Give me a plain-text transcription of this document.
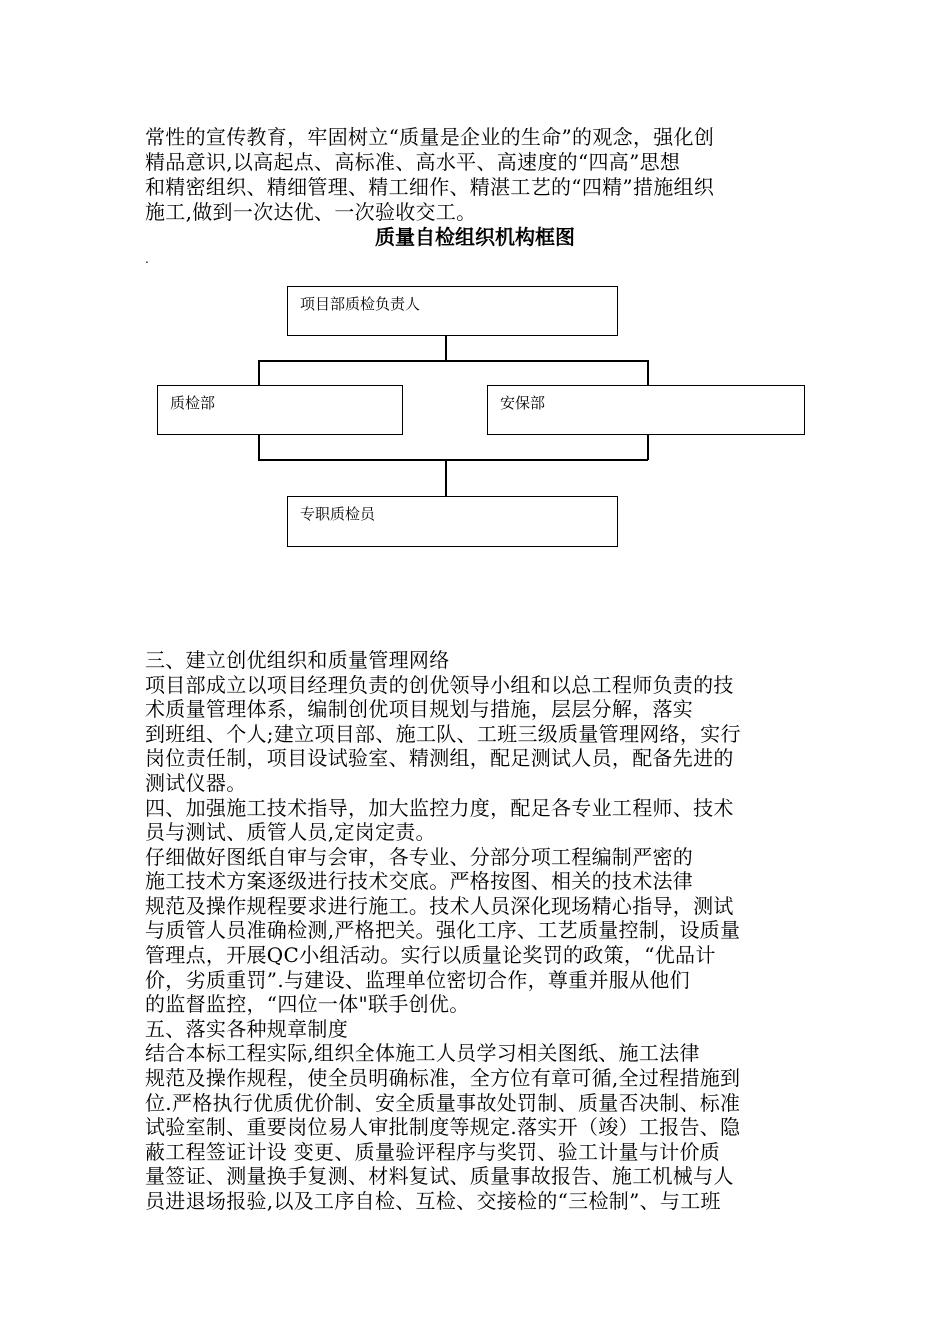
常性的宣传教育，牢固树立“质量是企业的生命”的观念，强化创
精品意识,以高起点、高标准、高水平、高速度的“四高”思想
和精密组织、精细管理、精工细作、精湛工艺的“四精”措施组织
施工,做到一次达优、一次验收交工。
质量自检组织机构框图
.
项目部质检负责人
质检部	安保部
专职质检员
三、建立创优组织和质量管理网络
项目部成立以项目经理负责的创优领导小组和以总工程师负责的技
术质量管理体系，编制创优项目规划与措施，层层分解，落实
到班组、个人;建立项目部、施工队、工班三级质量管理网络，实行
岗位责任制，项目设试验室、精测组，配足测试人员，配备先进的
测试仪器。
四、加强施工技术指导，加大监控力度，配足各专业工程师、技术
员与测试、质管人员,定岗定责。
仔细做好图纸自审与会审，各专业、分部分项工程编制严密的
施工技术方案逐级进行技术交底。严格按图、相关的技术法律
规范及操作规程要求进行施工。技术人员深化现场精心指导，测试
与质管人员准确检测,严格把关。强化工序、工艺质量控制，设质量
管理点，开展QC小组活动。实行以质量论奖罚的政策，“优品计
价，劣质重罚”.与建设、监理单位密切合作，尊重并服从他们
的监督监控，“四位一体"联手创优。
五、落实各种规章制度
结合本标工程实际,组织全体施工人员学习相关图纸、施工法律
规范及操作规程，使全员明确标准，全方位有章可循,全过程措施到
位.严格执行优质优价制、安全质量事故处罚制、质量否决制、标准
试验室制、重要岗位易人审批制度等规定.落实开（竣）工报告、隐
蔽工程签证计设 变更、质量验评程序与奖罚、验工计量与计价质
量签证、测量换手复测、材料复试、质量事故报告、施工机械与人
员进退场报验,以及工序自检、互检、交接检的“三检制”、与工班
